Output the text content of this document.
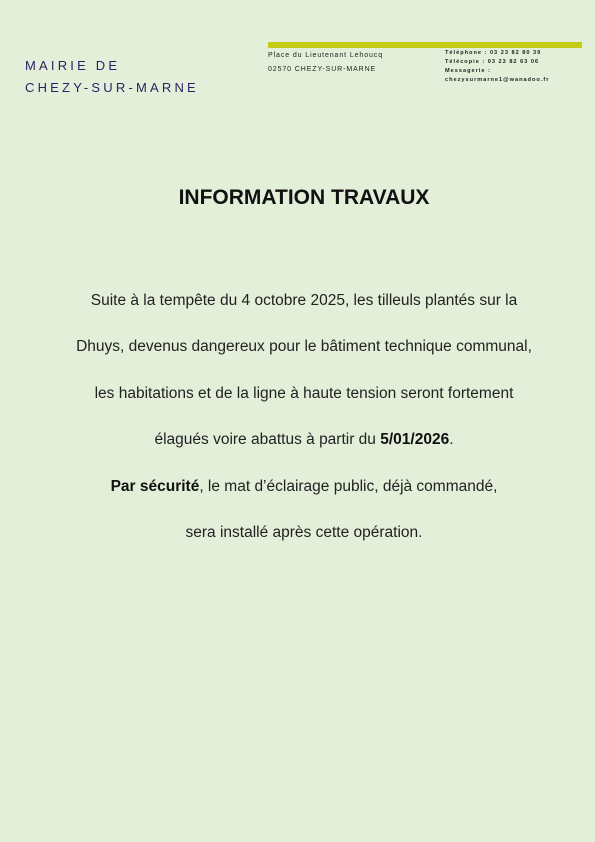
MAIRIE DE
CHEZY-SUR-MARNE
Place du Lieutenant Lehoucq
02570 CHEZY-SUR-MARNE
Téléphone : 03 23 82 80 39
Télécopie : 03 23 82 63 06
Messagerie :
chezysurmarne1@wanadoo.fr
INFORMATION TRAVAUX
Suite à la tempête du 4 octobre 2025, les tilleuls plantés sur la
Dhuys, devenus dangereux pour le bâtiment technique communal,
les habitations et de la ligne à haute tension seront fortement
élagués voire abattus à partir du 5/01/2026.
Par sécurité, le mat d’éclairage public, déjà commandé,
sera installé après cette opération.
